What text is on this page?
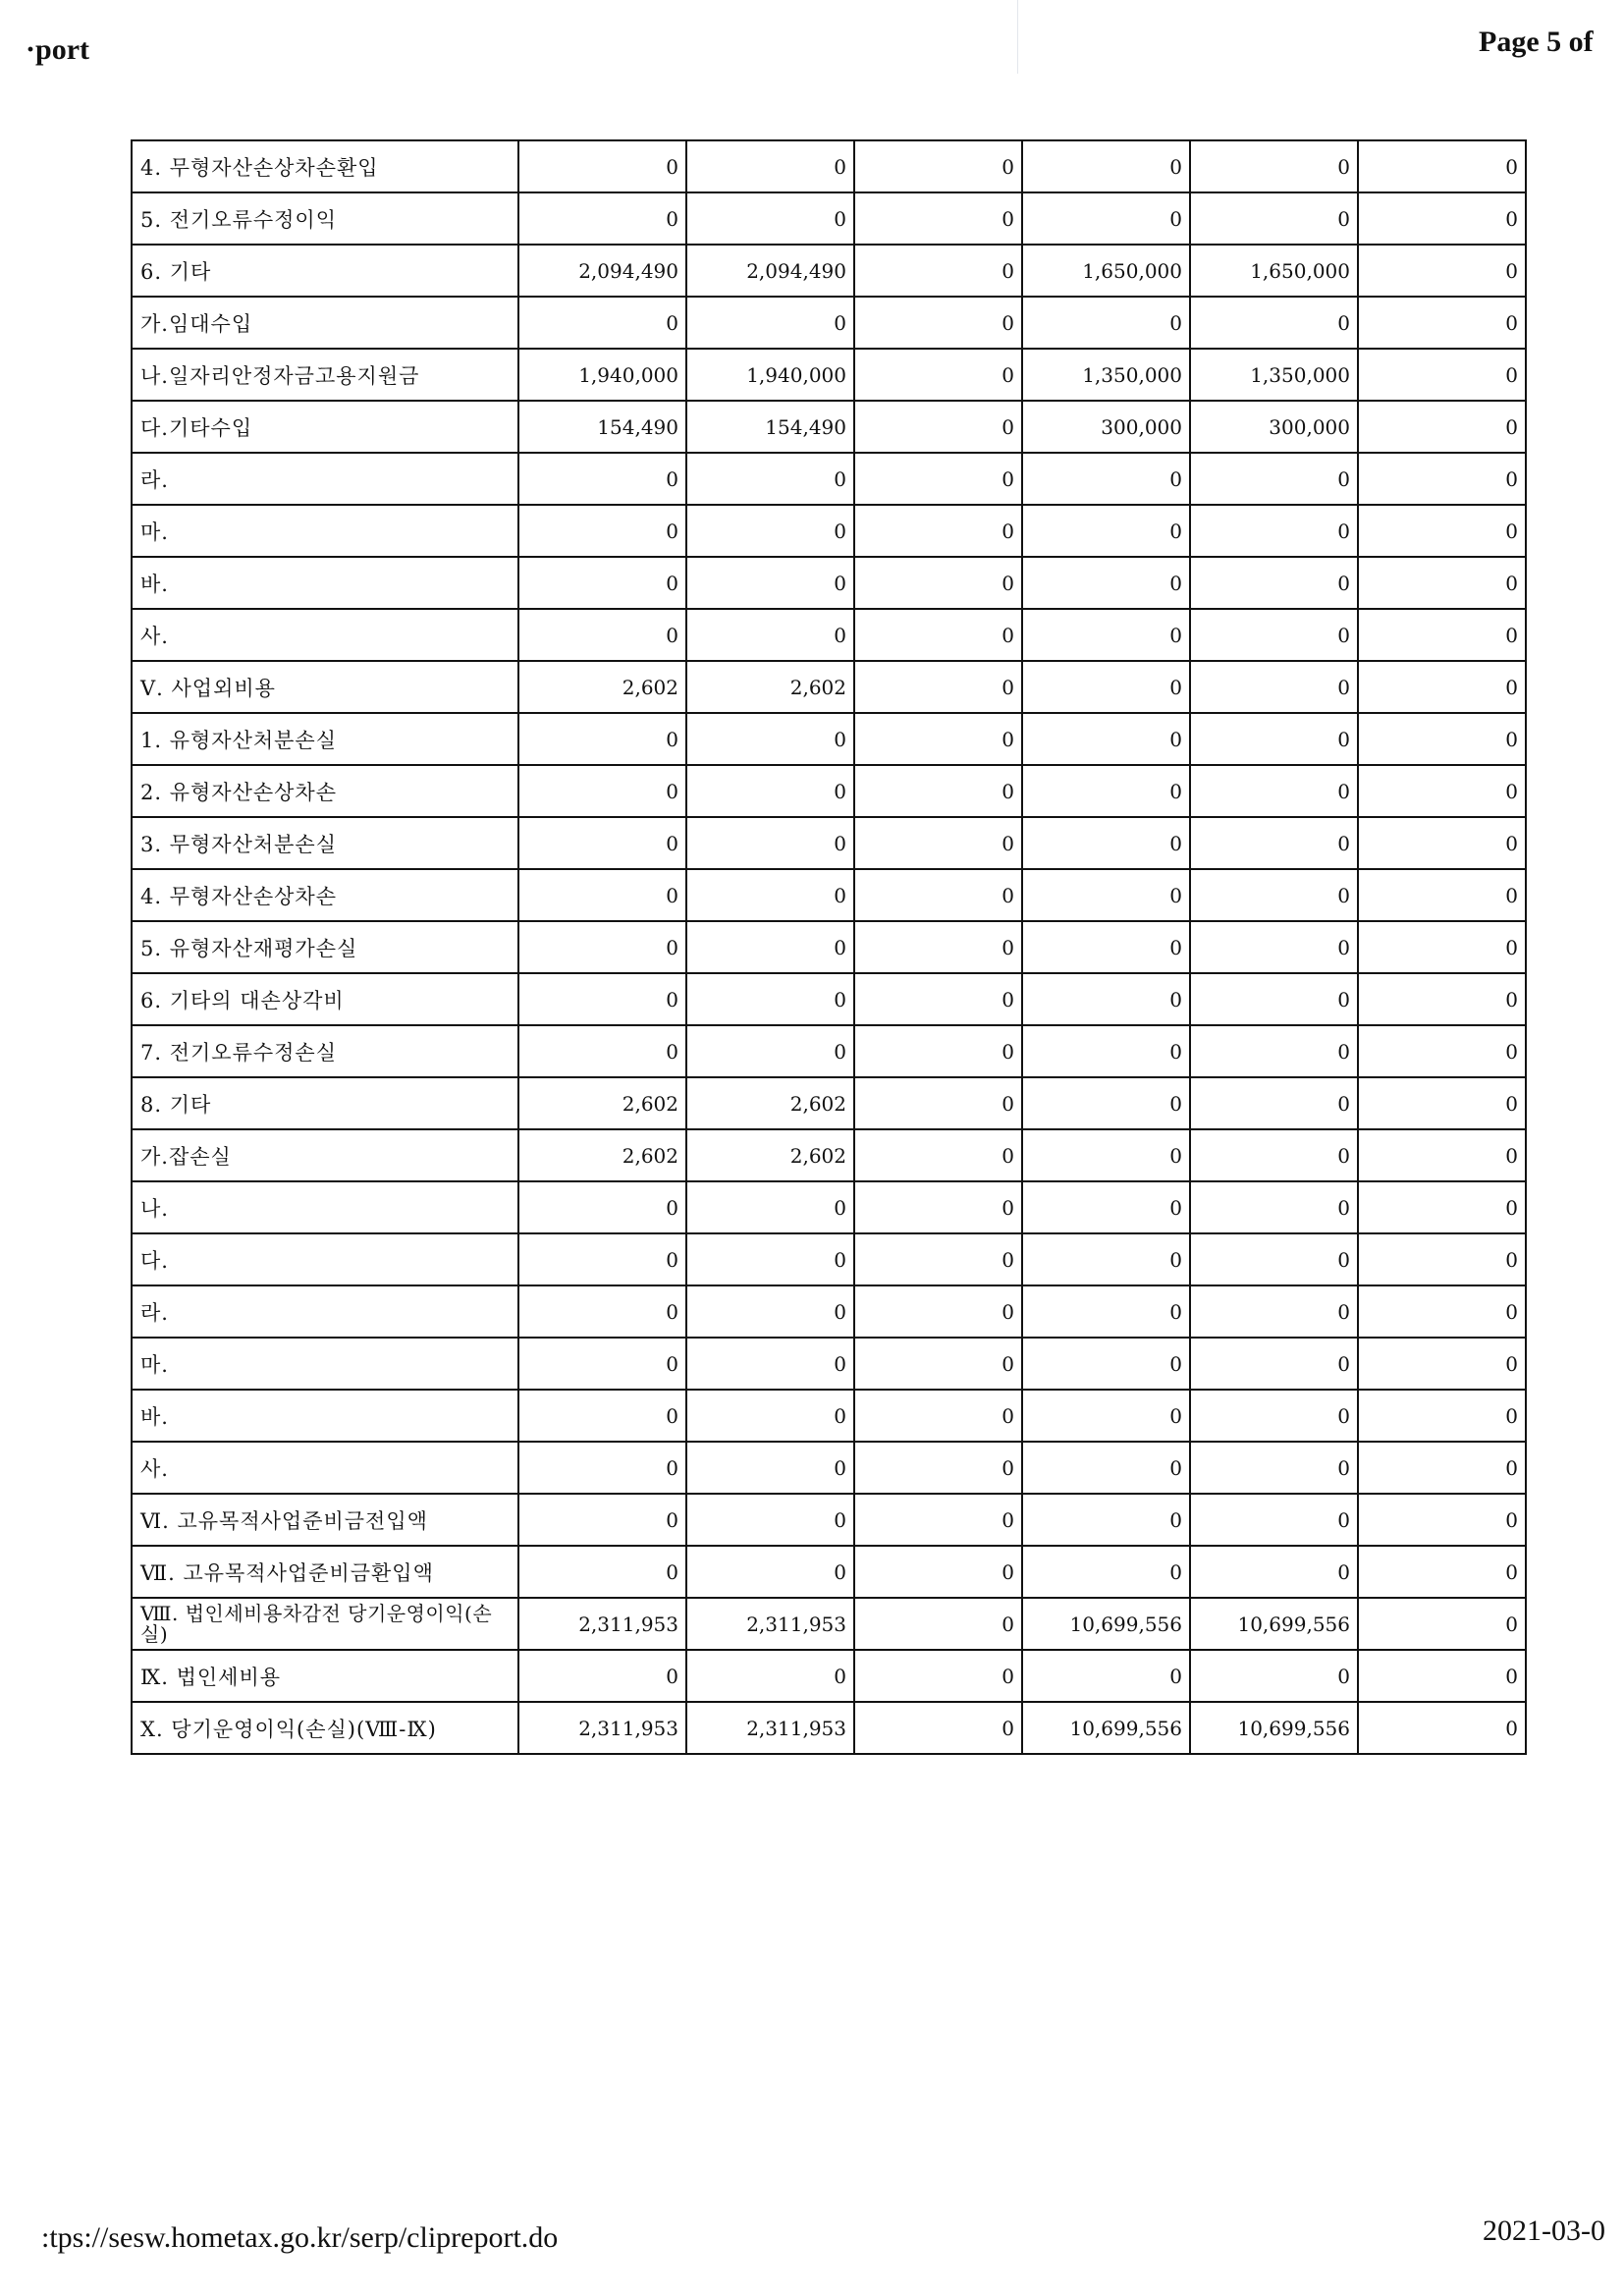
·port	Page 5 of
4. 무형자산손상차손환입	0	0	0	0	0	0
5. 전기오류수정이익	0	0	0	0	0	0
6. 기타	2,094,490	2,094,490	0	1,650,000	1,650,000	0
가.임대수입	0	0	0	0	0	0
나.일자리안정자금고용지원금	1,940,000	1,940,000	0	1,350,000	1,350,000	0
다.기타수입	154,490	154,490	0	300,000	300,000	0
라.	0	0	0	0	0	0
마.	0	0	0	0	0	0
바.	0	0	0	0	0	0
사.	0	0	0	0	0	0
Ⅴ. 사업외비용	2,602	2,602	0	0	0	0
1. 유형자산처분손실	0	0	0	0	0	0
2. 유형자산손상차손	0	0	0	0	0	0
3. 무형자산처분손실	0	0	0	0	0	0
4. 무형자산손상차손	0	0	0	0	0	0
5. 유형자산재평가손실	0	0	0	0	0	0
6. 기타의 대손상각비	0	0	0	0	0	0
7. 전기오류수정손실	0	0	0	0	0	0
8. 기타	2,602	2,602	0	0	0	0
가.잡손실	2,602	2,602	0	0	0	0
나.	0	0	0	0	0	0
다.	0	0	0	0	0	0
라.	0	0	0	0	0	0
마.	0	0	0	0	0	0
바.	0	0	0	0	0	0
사.	0	0	0	0	0	0
Ⅵ. 고유목적사업준비금전입액	0	0	0	0	0	0
Ⅶ. 고유목적사업준비금환입액	0	0	0	0	0	0
Ⅷ. 법인세비용차감전 당기운영이익(손실)	2,311,953	2,311,953	0	10,699,556	10,699,556	0
Ⅸ. 법인세비용	0	0	0	0	0	0
Ⅹ. 당기운영이익(손실)(Ⅷ-Ⅸ)	2,311,953	2,311,953	0	10,699,556	10,699,556	0
:tps://sesw.hometax.go.kr/serp/clipreport.do	2021-03-0
